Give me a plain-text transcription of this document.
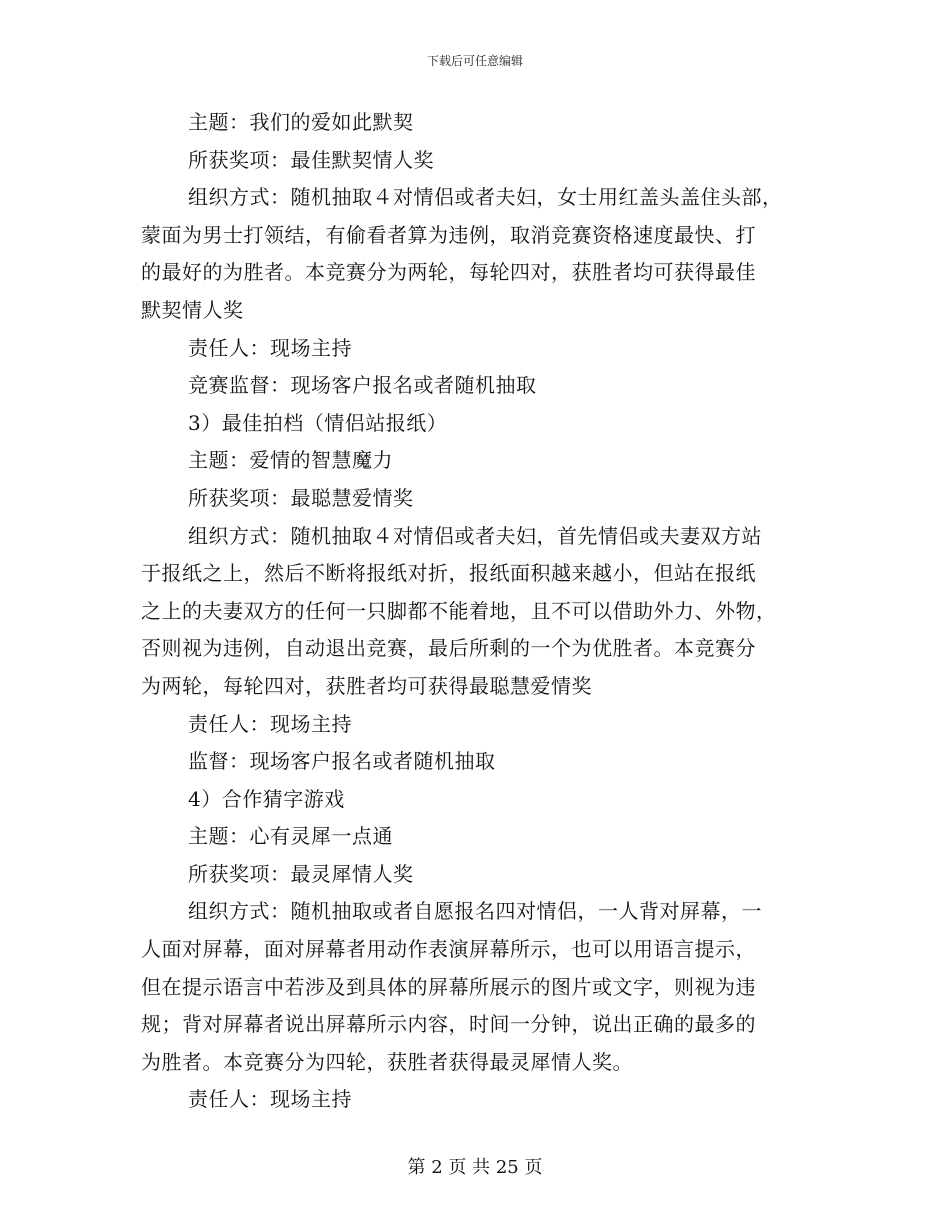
下载后可任意编辑
主题：我们的爱如此默契
所获奖项：最佳默契情人奖
组织方式：随机抽取４对情侣或者夫妇，女士用红盖头盖住头部，
蒙面为男士打领结，有偷看者算为违例，取消竞赛资格速度最快、打
的最好的为胜者。本竞赛分为两轮，每轮四对，获胜者均可获得最佳
默契情人奖
责任人：现场主持
竞赛监督：现场客户报名或者随机抽取
3）最佳拍档（情侣站报纸）
主题：爱情的智慧魔力
所获奖项：最聪慧爱情奖
组织方式：随机抽取４对情侣或者夫妇，首先情侣或夫妻双方站
于报纸之上，然后不断将报纸对折，报纸面积越来越小，但站在报纸
之上的夫妻双方的任何一只脚都不能着地，且不可以借助外力、外物，
否则视为违例，自动退出竞赛，最后所剩的一个为优胜者。本竞赛分
为两轮，每轮四对，获胜者均可获得最聪慧爱情奖
责任人：现场主持
监督：现场客户报名或者随机抽取
4）合作猜字游戏
主题：心有灵犀一点通
所获奖项：最灵犀情人奖
组织方式：随机抽取或者自愿报名四对情侣，一人背对屏幕，一
人面对屏幕，面对屏幕者用动作表演屏幕所示，也可以用语言提示，
但在提示语言中若涉及到具体的屏幕所展示的图片或文字，则视为违
规；背对屏幕者说出屏幕所示内容，时间一分钟，说出正确的最多的
为胜者。本竞赛分为四轮，获胜者获得最灵犀情人奖。
责任人：现场主持
第 2 页 共 25 页
